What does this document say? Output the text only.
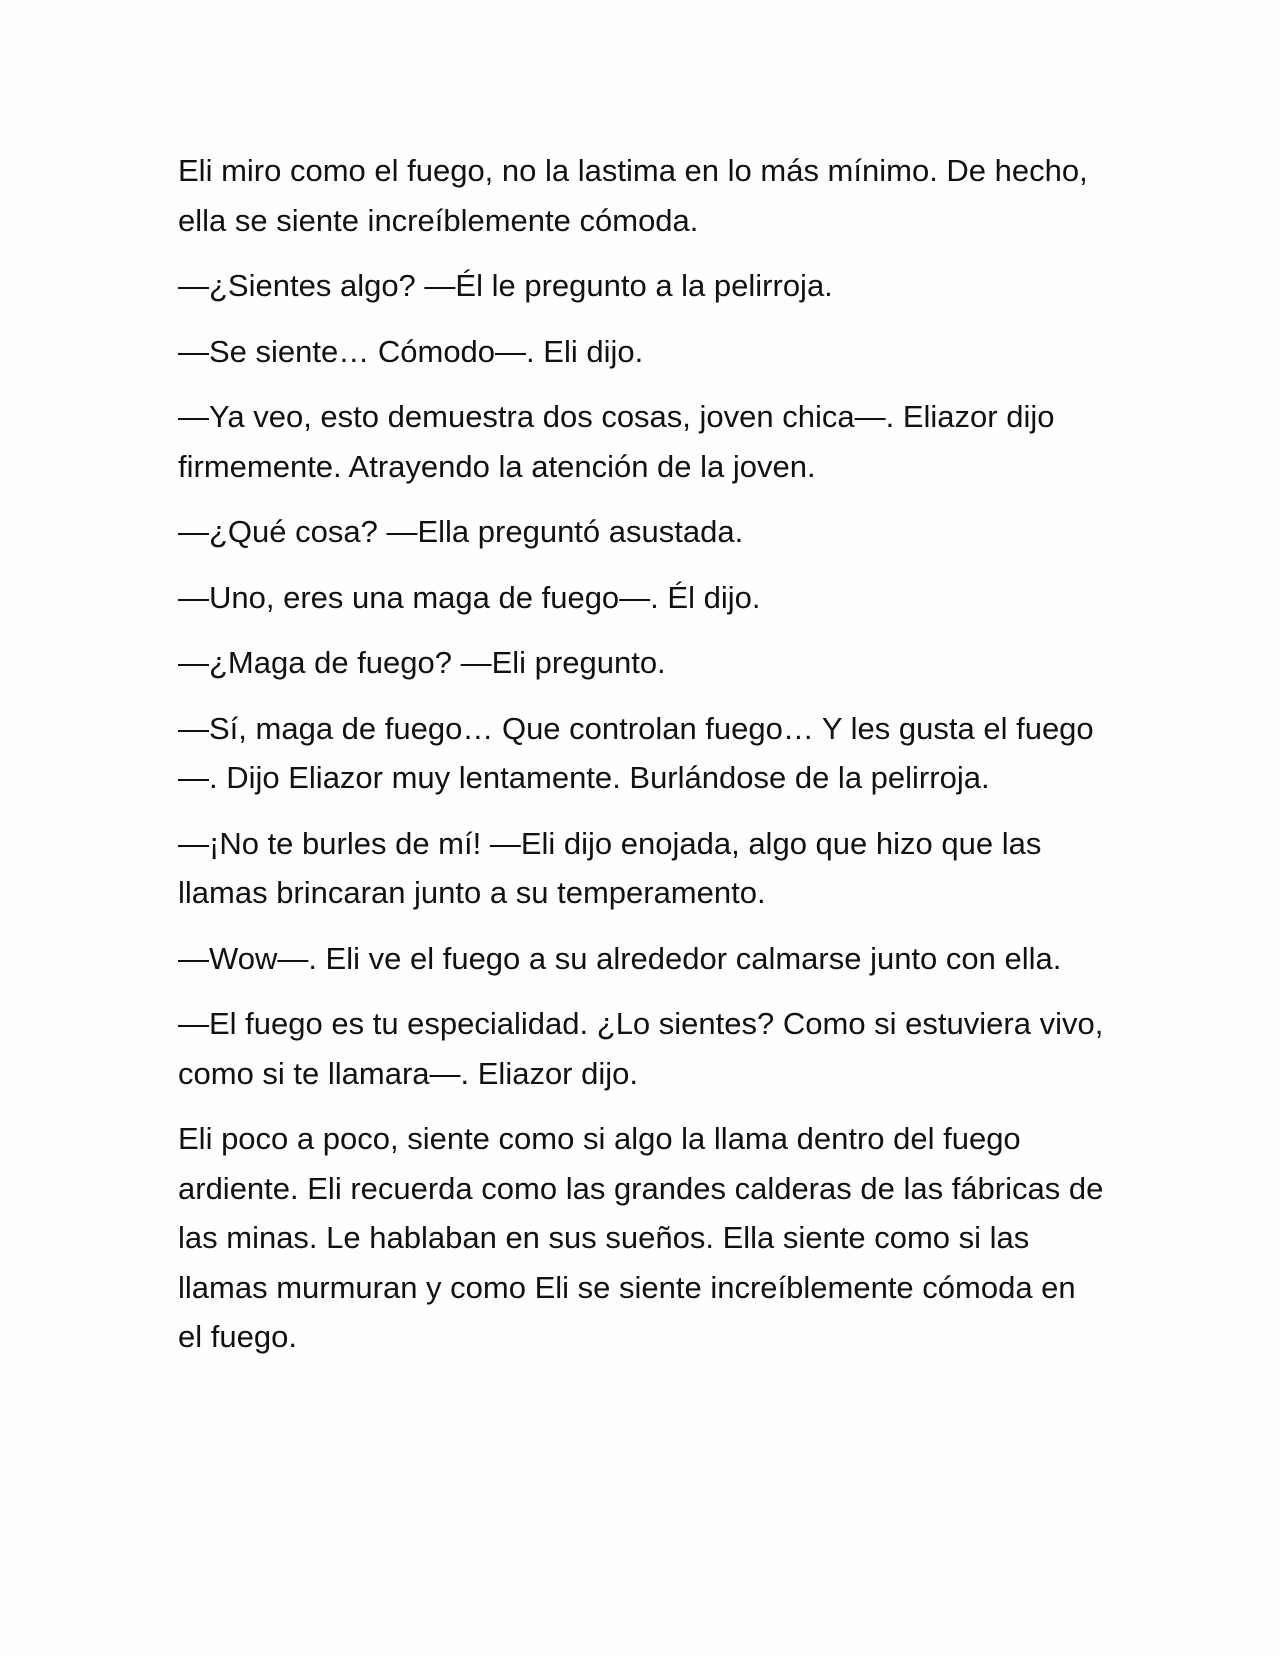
Eli miro como el fuego, no la lastima en lo más mínimo. De hecho, ella se siente increíblemente cómoda.

—¿Sientes algo? —Él le pregunto a la pelirroja.

—Se siente… Cómodo—. Eli dijo.

—Ya veo, esto demuestra dos cosas, joven chica—. Eliazor dijo firmemente. Atrayendo la atención de la joven.

—¿Qué cosa? —Ella preguntó asustada.

—Uno, eres una maga de fuego—. Él dijo.

—¿Maga de fuego? —Eli pregunto.

—Sí, maga de fuego… Que controlan fuego… Y les gusta el fuego—. Dijo Eliazor muy lentamente. Burlándose de la pelirroja.

—¡No te burles de mí! —Eli dijo enojada, algo que hizo que las llamas brincaran junto a su temperamento.

—Wow—. Eli ve el fuego a su alrededor calmarse junto con ella.

—El fuego es tu especialidad. ¿Lo sientes? Como si estuviera vivo, como si te llamara—. Eliazor dijo.

Eli poco a poco, siente como si algo la llama dentro del fuego ardiente. Eli recuerda como las grandes calderas de las fábricas de las minas. Le hablaban en sus sueños. Ella siente como si las llamas murmuran y como Eli se siente increíblemente cómoda en el fuego.
